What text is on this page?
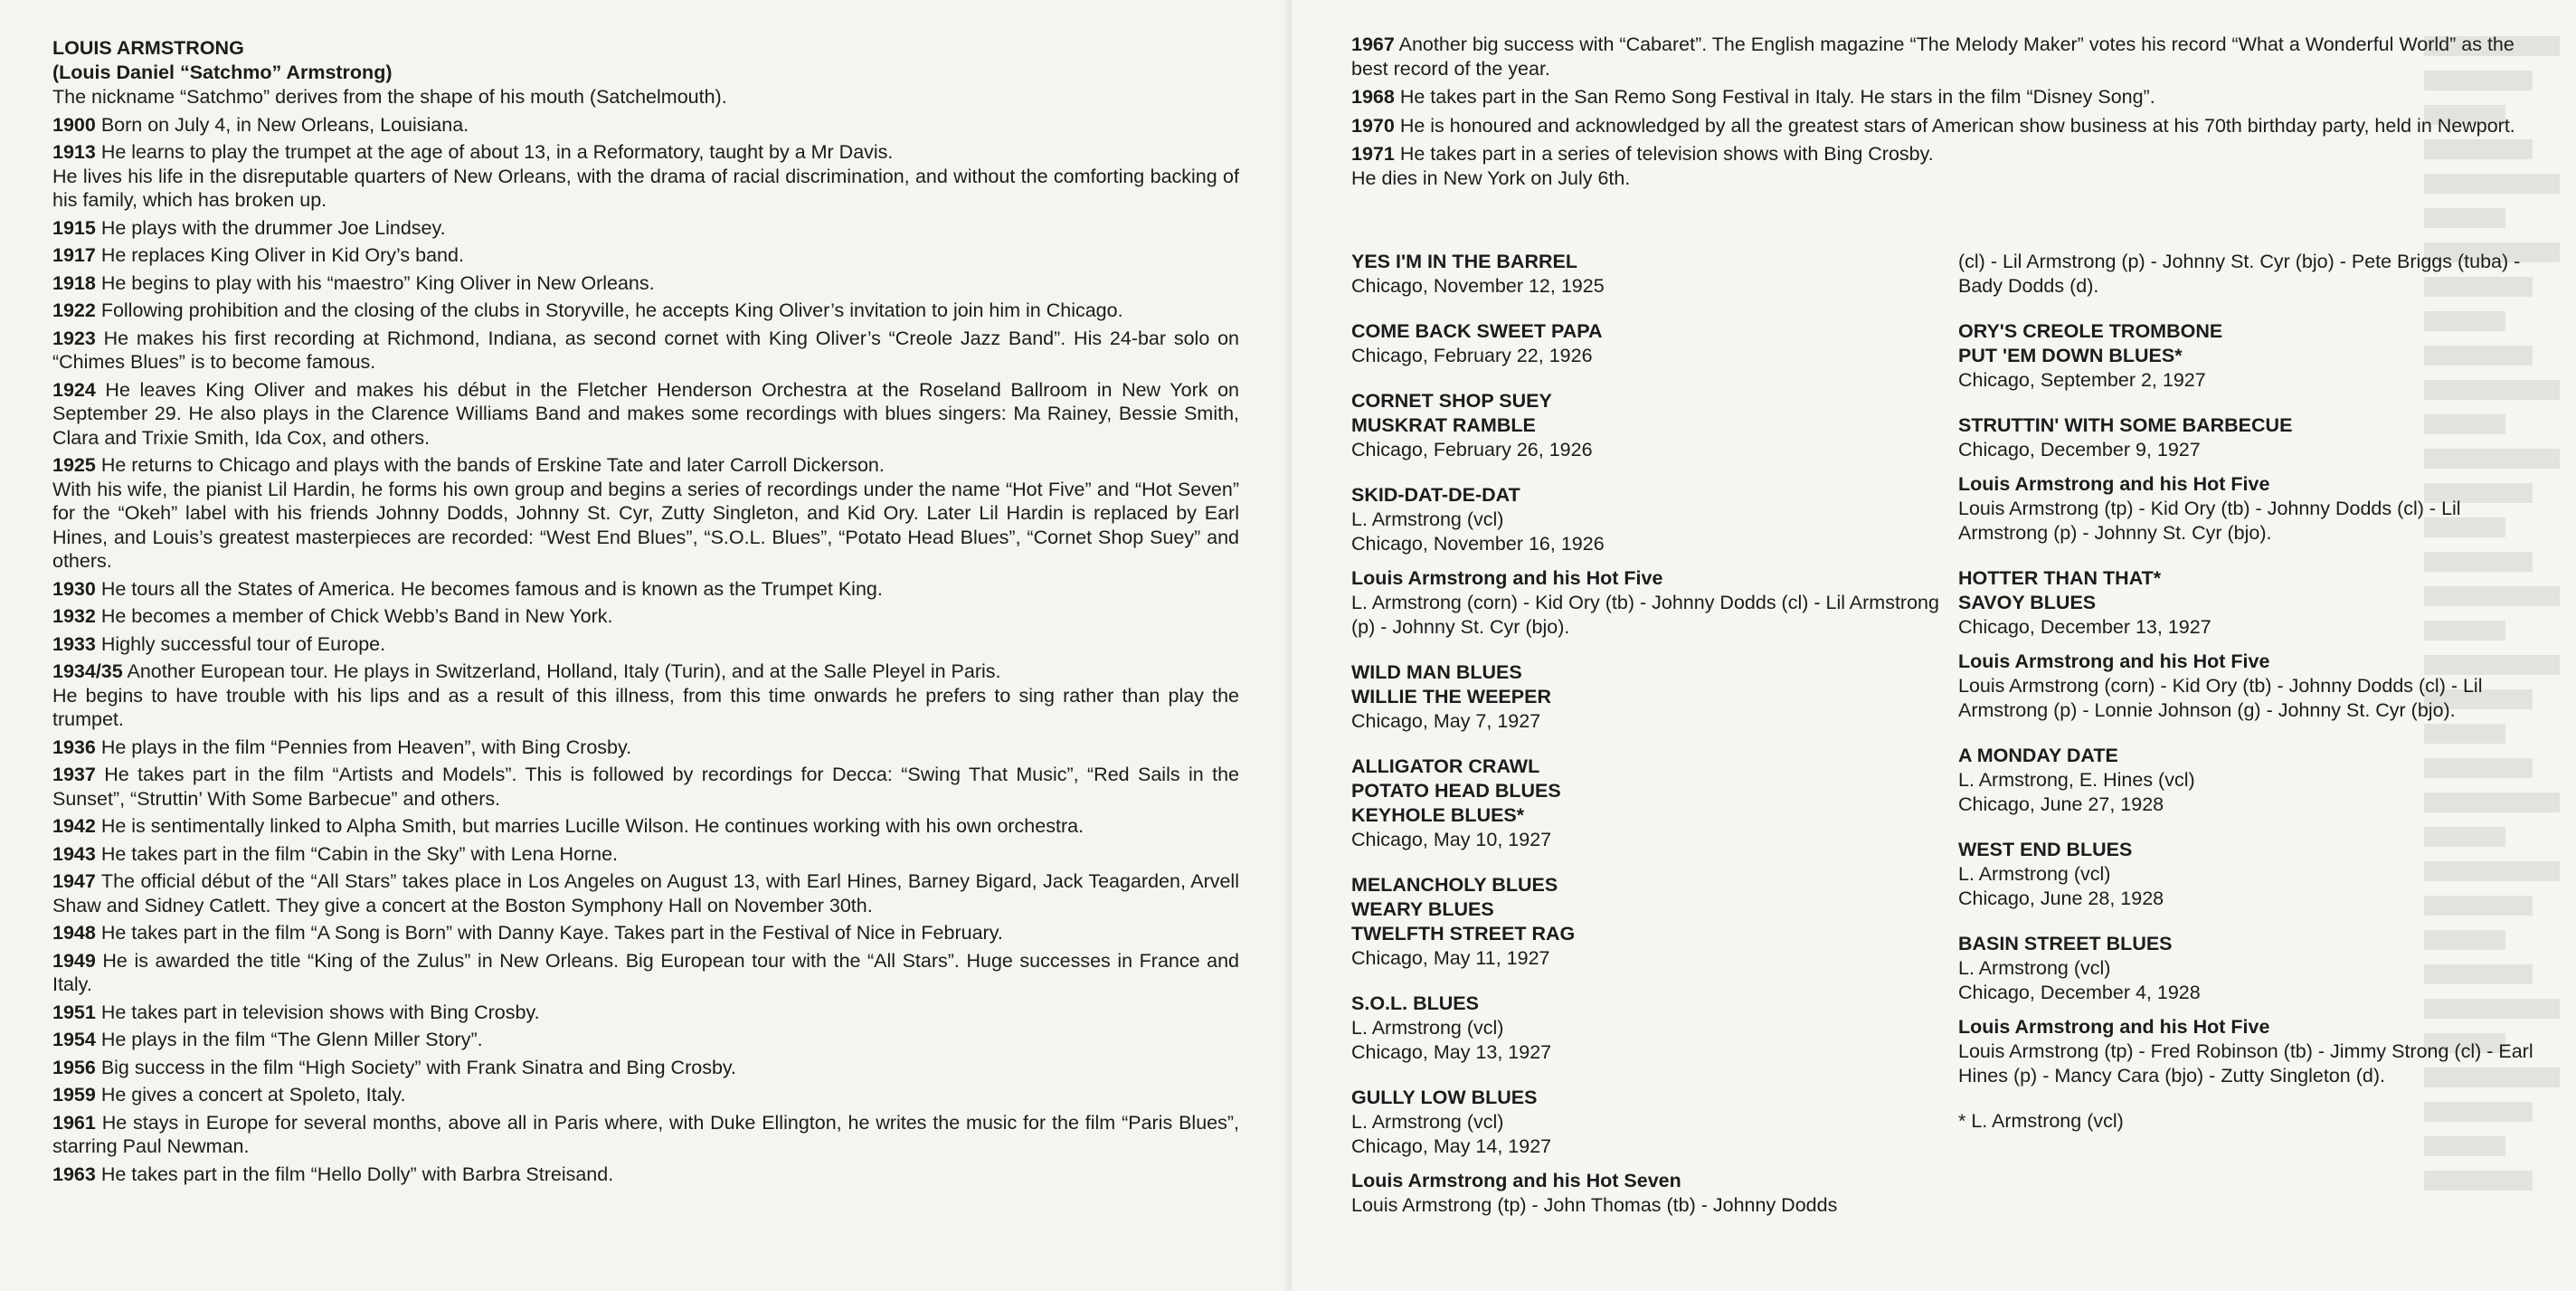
LOUIS ARMSTRONG

(Louis Daniel “Satchmo” Armstrong)

The nickname “Satchmo” derives from the shape of his mouth (Satchelmouth).

1900 Born on July 4, in New Orleans, Louisiana.

1913 He learns to play the trumpet at the age of about 13, in a Reformatory, taught by a Mr Davis.

He lives his life in the disreputable quarters of New Orleans, with the drama of racial discrimination, and without the comforting backing of his family, which has broken up.

1915 He plays with the drummer Joe Lindsey.

1917 He replaces King Oliver in Kid Ory’s band.

1918 He begins to play with his “maestro” King Oliver in New Orleans.

1922 Following prohibition and the closing of the clubs in Storyville, he accepts King Oliver’s invitation to join him in Chicago.

1923 He makes his first recording at Richmond, Indiana, as second cornet with King Oliver’s “Creole Jazz Band”. His 24-bar solo on “Chimes Blues” is to become famous.

1924 He leaves King Oliver and makes his début in the Fletcher Henderson Orchestra at the Roseland Ballroom in New York on September 29. He also plays in the Clarence Williams Band and makes some recordings with blues singers: Ma Rainey, Bessie Smith, Clara and Trixie Smith, Ida Cox, and others.

1925 He returns to Chicago and plays with the bands of Erskine Tate and later Carroll Dickerson.

With his wife, the pianist Lil Hardin, he forms his own group and begins a series of recordings under the name “Hot Five” and “Hot Seven” for the “Okeh” label with his friends Johnny Dodds, Johnny St. Cyr, Zutty Singleton, and Kid Ory. Later Lil Hardin is replaced by Earl Hines, and Louis’s greatest masterpieces are recorded: “West End Blues”, “S.O.L. Blues”, “Potato Head Blues”, “Cornet Shop Suey” and others.

1930 He tours all the States of America. He becomes famous and is known as the Trumpet King.

1932 He becomes a member of Chick Webb’s Band in New York.

1933 Highly successful tour of Europe.

1934/35 Another European tour. He plays in Switzerland, Holland, Italy (Turin), and at the Salle Pleyel in Paris.

He begins to have trouble with his lips and as a result of this illness, from this time onwards he prefers to sing rather than play the trumpet.

1936 He plays in the film “Pennies from Heaven”, with Bing Crosby.

1937 He takes part in the film “Artists and Models”. This is followed by recordings for Decca: “Swing That Music”, “Red Sails in the Sunset”, “Struttin’ With Some Barbecue” and others.

1942 He is sentimentally linked to Alpha Smith, but marries Lucille Wilson. He continues working with his own orchestra.

1943 He takes part in the film “Cabin in the Sky” with Lena Horne.

1947 The official début of the “All Stars” takes place in Los Angeles on August 13, with Earl Hines, Barney Bigard, Jack Teagarden, Arvell Shaw and Sidney Catlett. They give a concert at the Boston Symphony Hall on November 30th.

1948 He takes part in the film “A Song is Born” with Danny Kaye. Takes part in the Festival of Nice in February.

1949 He is awarded the title “King of the Zulus” in New Orleans. Big European tour with the “All Stars”. Huge successes in France and Italy.

1951 He takes part in television shows with Bing Crosby.

1954 He plays in the film “The Glenn Miller Story”.

1956 Big success in the film “High Society” with Frank Sinatra and Bing Crosby.

1959 He gives a concert at Spoleto, Italy.

1961 He stays in Europe for several months, above all in Paris where, with Duke Ellington, he writes the music for the film “Paris Blues”, starring Paul Newman.

1963 He takes part in the film “Hello Dolly” with Barbra Streisand.

1967 Another big success with “Cabaret”. The English magazine “The Melody Maker” votes his record “What a Wonderful World” as the best record of the year.

1968 He takes part in the San Remo Song Festival in Italy. He stars in the film “Disney Song”.

1970 He is honoured and acknowledged by all the greatest stars of American show business at his 70th birthday party, held in Newport.

1971 He takes part in a series of television shows with Bing Crosby.

He dies in New York on July 6th.

YES I'M IN THE BARREL

Chicago, November 12, 1925

COME BACK SWEET PAPA

Chicago, February 22, 1926

CORNET SHOP SUEY

MUSKRAT RAMBLE

Chicago, February 26, 1926

SKID-DAT-DE-DAT

L. Armstrong (vcl)

Chicago, November 16, 1926

Louis Armstrong and his Hot Five

L. Armstrong (corn) - Kid Ory (tb) - Johnny Dodds (cl) - Lil Armstrong (p) - Johnny St. Cyr (bjo).

WILD MAN BLUES

WILLIE THE WEEPER

Chicago, May 7, 1927

ALLIGATOR CRAWL

POTATO HEAD BLUES

KEYHOLE BLUES*

Chicago, May 10, 1927

MELANCHOLY BLUES

WEARY BLUES

TWELFTH STREET RAG

Chicago, May 11, 1927

S.O.L. BLUES

L. Armstrong (vcl)

Chicago, May 13, 1927

GULLY LOW BLUES

L. Armstrong (vcl)

Chicago, May 14, 1927

Louis Armstrong and his Hot Seven

Louis Armstrong (tp) - John Thomas (tb) - Johnny Dodds

(cl) - Lil Armstrong (p) - Johnny St. Cyr (bjo) - Pete Briggs (tuba) - Bady Dodds (d).

ORY'S CREOLE TROMBONE

PUT 'EM DOWN BLUES*

Chicago, September 2, 1927

STRUTTIN' WITH SOME BARBECUE

Chicago, December 9, 1927

Louis Armstrong and his Hot Five

Louis Armstrong (tp) - Kid Ory (tb) - Johnny Dodds (cl) - Lil Armstrong (p) - Johnny St. Cyr (bjo).

HOTTER THAN THAT*

SAVOY BLUES

Chicago, December 13, 1927

Louis Armstrong and his Hot Five

Louis Armstrong (corn) - Kid Ory (tb) - Johnny Dodds (cl) - Lil Armstrong (p) - Lonnie Johnson (g) - Johnny St. Cyr (bjo).

A MONDAY DATE

L. Armstrong, E. Hines (vcl)

Chicago, June 27, 1928

WEST END BLUES

L. Armstrong (vcl)

Chicago, June 28, 1928

BASIN STREET BLUES

L. Armstrong (vcl)

Chicago, December 4, 1928

Louis Armstrong and his Hot Five

Louis Armstrong (tp) - Fred Robinson (tb) - Jimmy Strong (cl) - Earl Hines (p) - Mancy Cara (bjo) - Zutty Singleton (d).

* L. Armstrong (vcl)
